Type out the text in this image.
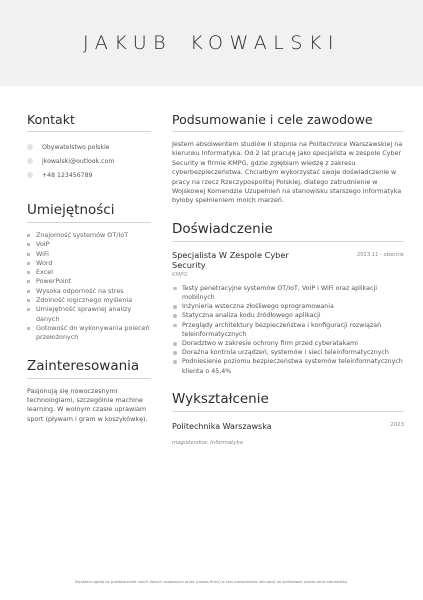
JAKUB KOWALSKI
Kontakt
Obywatelstwo polskie
jkowalski@outlook.com
+48 123456789
Umiejętności
Znajomość systemów OT/IoT
VoIP
WiFi
Word
Excel
PowerPoint
Wysoka odporność na stres
Zdolność logicznego myślenia
Umiejętność sprawnej analizy danych
Gotowość do wykonywania poleceń przełożonych
Zainteresowania

Pasjonują się nowoczesnymi technologiami, szczególnie machine learning. W wolnym czasie uprawiam sport (pływam i gram w koszykówkę).

Podsumowanie i cele zawodowe

Jestem absolwentem studiów II stopnia na Politechnice Warszawskiej na kierunku Informatyka. Od 2 lat pracuję jako specjalista w zespole Cyber Security w firmie KMPG, gdzie zgłębiam wiedzę z zakresu cyberbezpieczeństwa. Chciałbym wykorzystać swoje doświadczenie w pracy na rzecz Rzeczypospolitej Polskiej, dlatego zatrudnienie w Wojskowej Komendzie Uzupełnień na stanowisku starszego informatyka byłoby spełnieniem moich marzeń.

Doświadczenie
Specjalista W Zespole Cyber Security
2023.11 - obecnie
KMPG
Testy penetracyjne systemów OT/IoT, VoIP i WiFi oraz aplikacji mobilnych
Inżynieria wsteczna złośliwego oprogramowania
Statyczna analiza kodu źródłowego aplikacji
Przeglądy architektury bezpieczeństwa i konfiguracji rozwiązań teleinformatycznych
Doradztwo w zakresie ochrony firm przed cyberatakami
Doraźna kontrola urządzeń, systemów i sieci teleinformatycznych
Podniesienie poziomu bezpieczeństwa systemów teleinformatycznych klienta o 45,4%
Wykształcenie
Politechnika Warszawska	2023
magisterskie: Informatyka
Wyrażam zgodę na przetwarzanie moich danych osobowych przez (nazwa firmy) w celu prowadzenia rekrutacji na aplikowane przeze mnie stanowisko.
